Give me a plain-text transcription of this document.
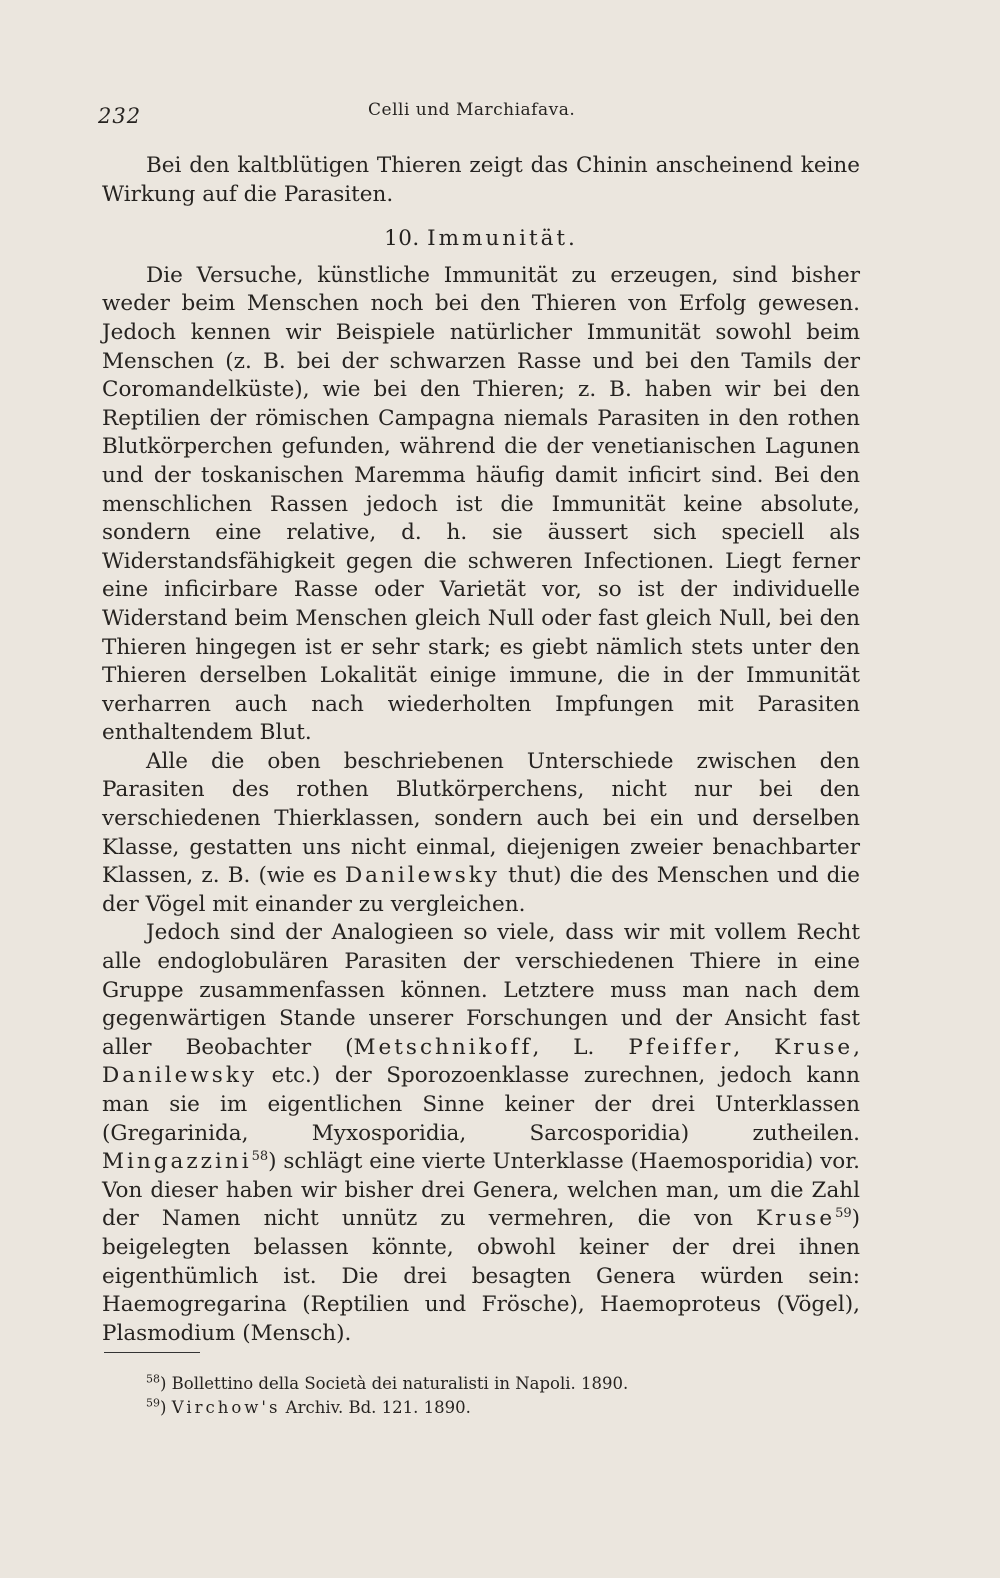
232	Celli und Marchiafava.

Bei den kaltblütigen Thieren zeigt das Chinin anscheinend keine Wirkung auf die Parasiten.

10. Immunität.

Die Versuche, künstliche Immunität zu erzeugen, sind bisher weder beim Menschen noch bei den Thieren von Erfolg gewesen. Jedoch kennen wir Beispiele natürlicher Immunität sowohl beim Menschen (z. B. bei der schwarzen Rasse und bei den Tamils der Coromandelküste), wie bei den Thieren; z. B. haben wir bei den Reptilien der römischen Campagna niemals Parasiten in den rothen Blutkörperchen gefunden, während die der venetianischen Lagunen und der toskanischen Maremma häufig damit inficirt sind. Bei den menschlichen Rassen jedoch ist die Immunität keine absolute, sondern eine relative, d. h. sie äussert sich speciell als Widerstandsfähigkeit gegen die schweren Infectionen. Liegt ferner eine inficirbare Rasse oder Varietät vor, so ist der individuelle Widerstand beim Menschen gleich Null oder fast gleich Null, bei den Thieren hingegen ist er sehr stark; es giebt nämlich stets unter den Thieren derselben Lokalität einige immune, die in der Immunität verharren auch nach wiederholten Impfungen mit Parasiten enthaltendem Blut.

Alle die oben beschriebenen Unterschiede zwischen den Parasiten des rothen Blutkörperchens, nicht nur bei den verschiedenen Thierklassen, sondern auch bei ein und derselben Klasse, gestatten uns nicht einmal, diejenigen zweier benachbarter Klassen, z. B. (wie es Danilewsky thut) die des Menschen und die der Vögel mit einander zu vergleichen.

Jedoch sind der Analogieen so viele, dass wir mit vollem Recht alle endoglobulären Parasiten der verschiedenen Thiere in eine Gruppe zusammenfassen können. Letztere muss man nach dem gegenwärtigen Stande unserer Forschungen und der Ansicht fast aller Beobachter (Metschnikoff, L. Pfeiffer, Kruse, Danilewsky etc.) der Sporozoenklasse zurechnen, jedoch kann man sie im eigentlichen Sinne keiner der drei Unterklassen (Gregarinida, Myxosporidia, Sarcosporidia) zutheilen. Mingazzini$^{58}$) schlägt eine vierte Unterklasse (Haemosporidia) vor. Von dieser haben wir bisher drei Genera, welchen man, um die Zahl der Namen nicht unnütz zu vermehren, die von Kruse$^{59}$) beigelegten belassen könnte, obwohl keiner der drei ihnen eigenthümlich ist. Die drei besagten Genera würden sein: Haemogregarina (Reptilien und Frösche), Haemoproteus (Vögel), Plasmodium (Mensch).

$^{58}$) Bollettino della Società dei naturalisti in Napoli. 1890.
$^{59}$) Virchow's Archiv. Bd. 121. 1890.
